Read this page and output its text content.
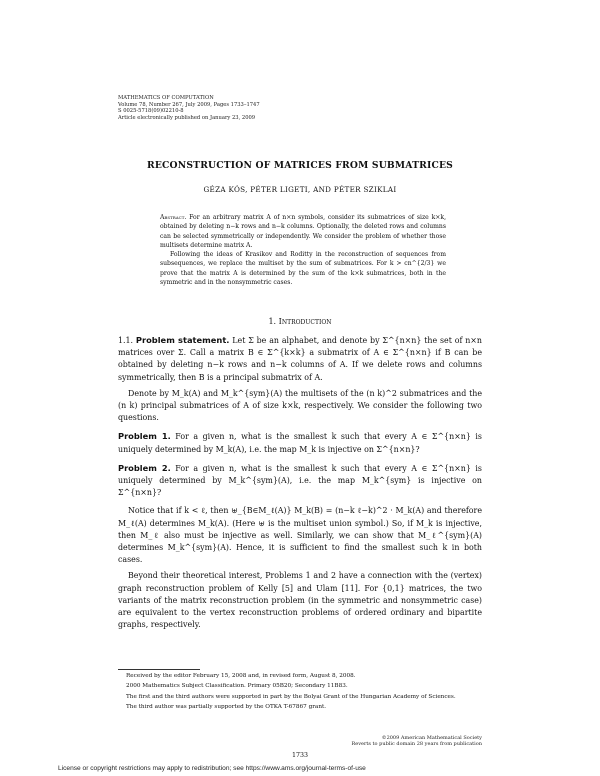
MATHEMATICS OF COMPUTATION
Volume 78, Number 267, July 2009, Pages 1733–1747
S 0025-5718(09)02210-8
Article electronically published on January 23, 2009
RECONSTRUCTION OF MATRICES FROM SUBMATRICES
GÉZA KÓS, PÉTER LIGETI, AND PÉTER SZIKLAI

Abstract. For an arbitrary matrix A of n×n symbols, consider its submatrices of size k×k, obtained by deleting n−k rows and n−k columns. Optionally, the deleted rows and columns can be selected symmetrically or independently. We consider the problem of whether those multisets determine matrix A.

Following the ideas of Krasikov and Roditty in the reconstruction of sequences from subsequences, we replace the multiset by the sum of submatrices. For k > cn^{2/3} we prove that the matrix A is determined by the sum of the k×k submatrices, both in the symmetric and in the nonsymmetric cases.

1. Introduction

1.1. Problem statement. Let Σ be an alphabet, and denote by Σ^{n×n} the set of n×n matrices over Σ. Call a matrix B ∈ Σ^{k×k} a submatrix of A ∈ Σ^{n×n} if B can be obtained by deleting n−k rows and n−k columns of A. If we delete rows and columns symmetrically, then B is a principal submatrix of A.

Denote by M_k(A) and M_k^{sym}(A) the multisets of the (n k)^2 submatrices and the (n k) principal submatrices of A of size k×k, respectively. We consider the following two questions.

Problem 1. For a given n, what is the smallest k such that every A ∈ Σ^{n×n} is uniquely determined by M_k(A), i.e. the map M_k is injective on Σ^{n×n}?

Problem 2. For a given n, what is the smallest k such that every A ∈ Σ^{n×n} is uniquely determined by M_k^{sym}(A), i.e. the map M_k^{sym} is injective on Σ^{n×n}?

Notice that if k < ℓ, then ⊎_{B∈M_ℓ(A)} M_k(B) = (n−k ℓ−k)^2 · M_k(A) and therefore M_ℓ(A) determines M_k(A). (Here ⊎ is the multiset union symbol.) So, if M_k is injective, then M_ℓ also must be injective as well. Similarly, we can show that M_ℓ^{sym}(A) determines M_k^{sym}(A). Hence, it is sufficient to find the smallest such k in both cases.

Beyond their theoretical interest, Problems 1 and 2 have a connection with the (vertex) graph reconstruction problem of Kelly [5] and Ulam [11]. For {0,1} matrices, the two variants of the matrix reconstruction problem (in the symmetric and nonsymmetric case) are equivalent to the vertex reconstruction problems of ordered ordinary and bipartite graphs, respectively.

Received by the editor February 15, 2008 and, in revised form, August 8, 2008.

2000 Mathematics Subject Classification. Primary 05B20; Secondary 11B83.

The first and the third authors were supported in part by the Bolyai Grant of the Hungarian Academy of Sciences.

The third author was partially supported by the OTKA T-67867 grant.

©2009 American Mathematical Society
Reverts to public domain 28 years from publication
1733
License or copyright restrictions may apply to redistribution; see https://www.ams.org/journal-terms-of-use
